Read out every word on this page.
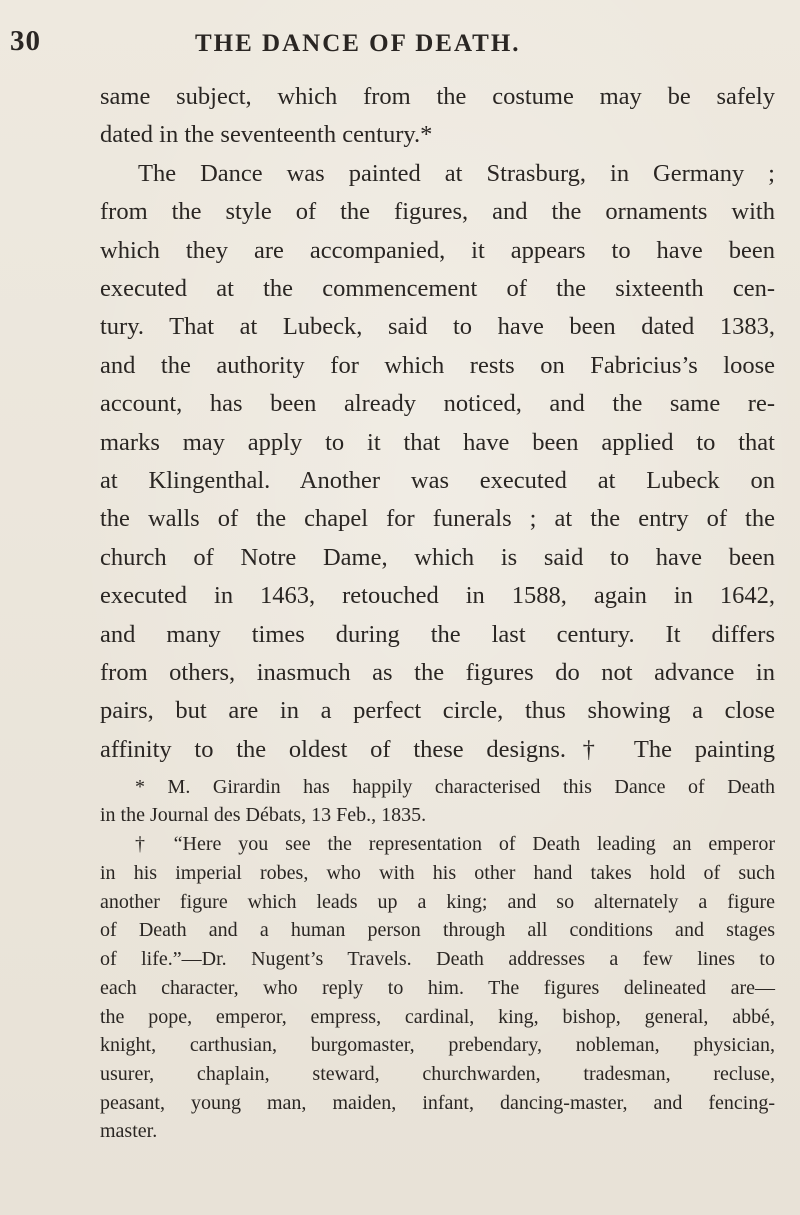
30	THE DANCE OF DEATH.
same subject, which from the costume may be safely
dated in the seventeenth century.*
The Dance was painted at Strasburg, in Germany ;
from the style of the figures, and the ornaments with
which they are accompanied, it appears to have been
executed at the commencement of the sixteenth cen-
tury. That at Lubeck, said to have been dated 1383,
and the authority for which rests on Fabricius’s loose
account, has been already noticed, and the same re-
marks may apply to it that have been applied to that
at Klingenthal. Another was executed at Lubeck on
the walls of the chapel for funerals ; at the entry of the
church of Notre Dame, which is said to have been
executed in 1463, retouched in 1588, again in 1642,
and many times during the last century. It differs
from others, inasmuch as the figures do not advance in
pairs, but are in a perfect circle, thus showing a close
affinity to the oldest of these designs.† The painting
* M. Girardin has happily characterised this Dance of Death
in the Journal des Débats, 13 Feb., 1835.
† “Here you see the representation of Death leading an emperor
in his imperial robes, who with his other hand takes hold of such
another figure which leads up a king; and so alternately a figure
of Death and a human person through all conditions and stages
of life.”—Dr. Nugent’s Travels. Death addresses a few lines to
each character, who reply to him. The figures delineated are—
the pope, emperor, empress, cardinal, king, bishop, general, abbé,
knight, carthusian, burgomaster, prebendary, nobleman, physician,
usurer, chaplain, steward, churchwarden, tradesman, recluse,
peasant, young man, maiden, infant, dancing-master, and fencing-
master.
